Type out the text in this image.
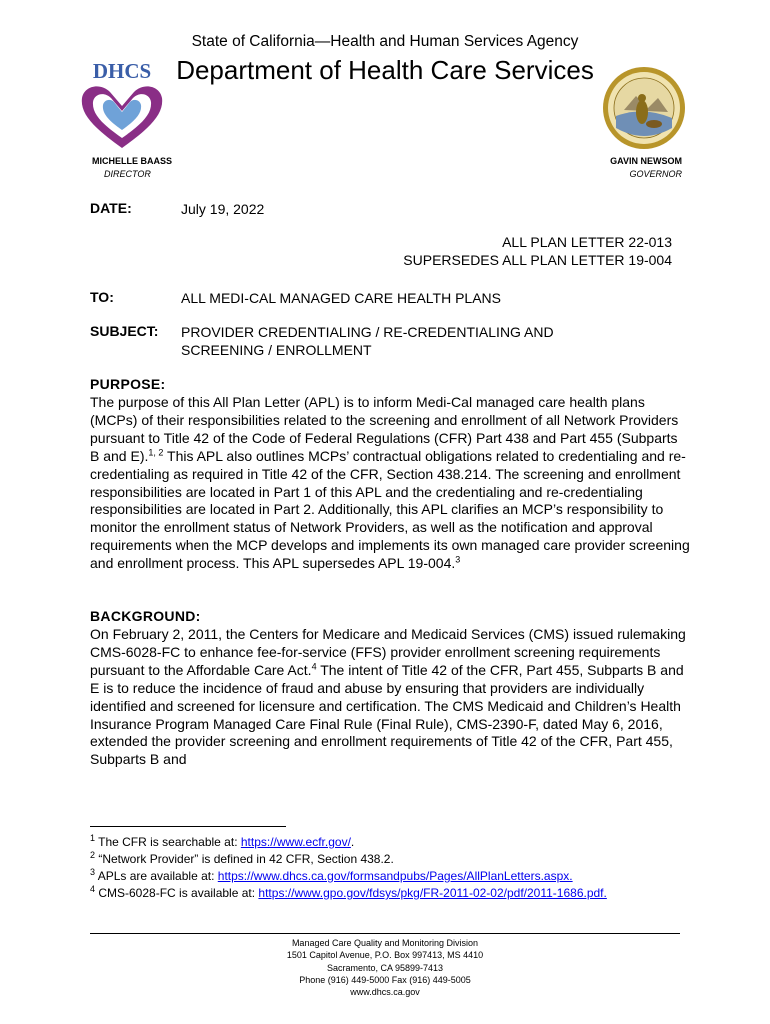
DHCS
State of California—Health and Human Services Agency
Department of Health Care Services
MICHELLE BAASS
DIRECTOR
GAVIN NEWSOM
GOVERNOR
DATE:	July 19, 2022
ALL PLAN LETTER 22-013
SUPERSEDES ALL PLAN LETTER 19-004
TO:	ALL MEDI-CAL MANAGED CARE HEALTH PLANS
SUBJECT: PROVIDER CREDENTIALING / RE-CREDENTIALING AND
SCREENING / ENROLLMENT
PURPOSE:
The purpose of this All Plan Letter (APL) is to inform Medi-Cal managed care health plans (MCPs) of their responsibilities related to the screening and enrollment of all Network Providers pursuant to Title 42 of the Code of Federal Regulations (CFR) Part 438 and Part 455 (Subparts B and E).$^{1, 2}$ This APL also outlines MCPs’ contractual obligations related to credentialing and re-credentialing as required in Title 42 of the CFR, Section 438.214. The screening and enrollment responsibilities are located in Part 1 of this APL and the credentialing and re-credentialing responsibilities are located in Part 2. Additionally, this APL clarifies an MCP’s responsibility to monitor the enrollment status of Network Providers, as well as the notification and approval requirements when the MCP develops and implements its own managed care provider screening and enrollment process. This APL supersedes APL 19-004.$^3$
BACKGROUND:
On February 2, 2011, the Centers for Medicare and Medicaid Services (CMS) issued rulemaking CMS-6028-FC to enhance fee-for-service (FFS) provider enrollment screening requirements pursuant to the Affordable Care Act.$^4$ The intent of Title 42 of the CFR, Part 455, Subparts B and E is to reduce the incidence of fraud and abuse by ensuring that providers are individually identified and screened for licensure and certification. The CMS Medicaid and Children’s Health Insurance Program Managed Care Final Rule (Final Rule), CMS-2390-F, dated May 6, 2016, extended the provider screening and enrollment requirements of Title 42 of the CFR, Part 455, Subparts B and
$^1$ The CFR is searchable at: https://www.ecfr.gov/.
$^2$ “Network Provider” is defined in 42 CFR, Section 438.2.
$^3$ APLs are available at: https://www.dhcs.ca.gov/formsandpubs/Pages/AllPlanLetters.aspx.
$^4$ CMS-6028-FC is available at: https://www.gpo.gov/fdsys/pkg/FR-2011-02-02/pdf/2011-1686.pdf.
Managed Care Quality and Monitoring Division
1501 Capitol Avenue, P.O. Box 997413, MS 4410
Sacramento, CA 95899-7413
Phone (916) 449-5000 Fax (916) 449-5005
www.dhcs.ca.gov
